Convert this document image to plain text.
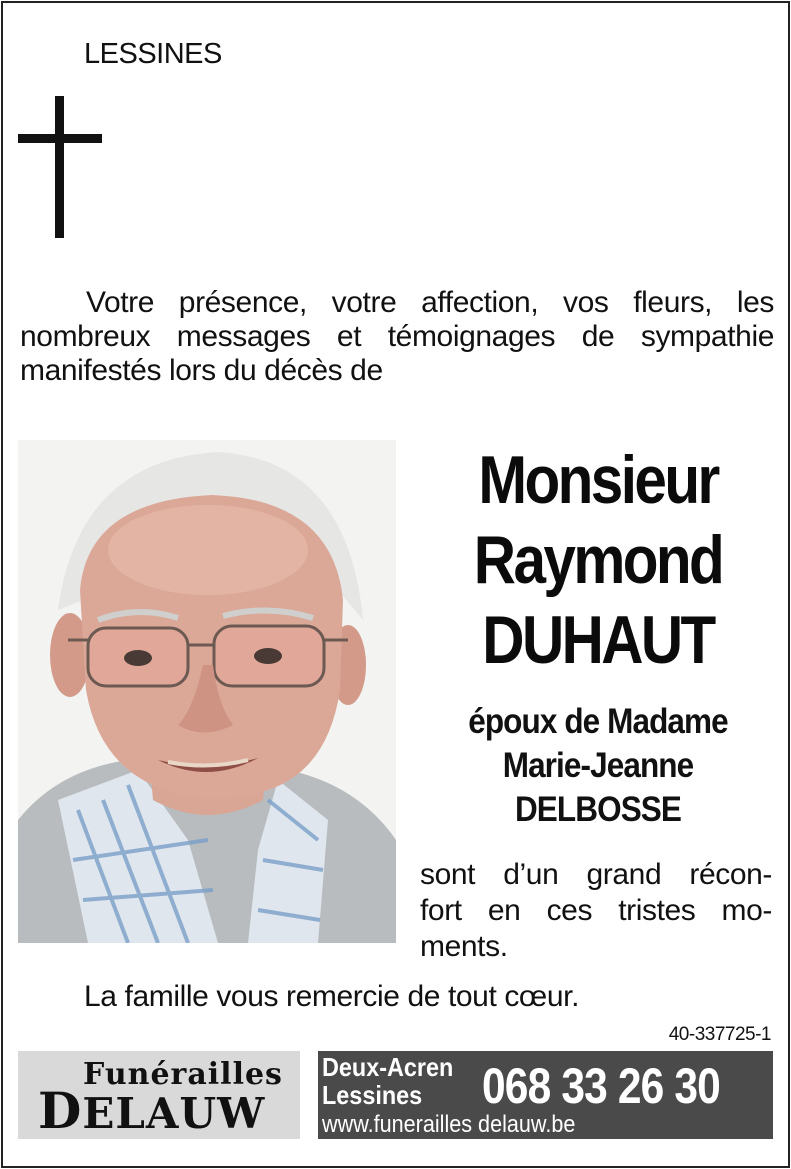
LESSINES
Votre présence, votre affection, vos fleurs, les
nombreux messages et témoignages de sympathie
manifestés lors du décès de
Monsieur
Raymond
DUHAUT
époux de Madame
Marie-Jeanne
DELBOSSE
sont d’un grand récon-
fort en ces tristes mo-
ments.
La famille vous remercie de tout cœur.
40-337725-1
Funérailles
DELAUW
Deux-Acren
Lessines	068 33 26 30
www.funerailles delauw.be
